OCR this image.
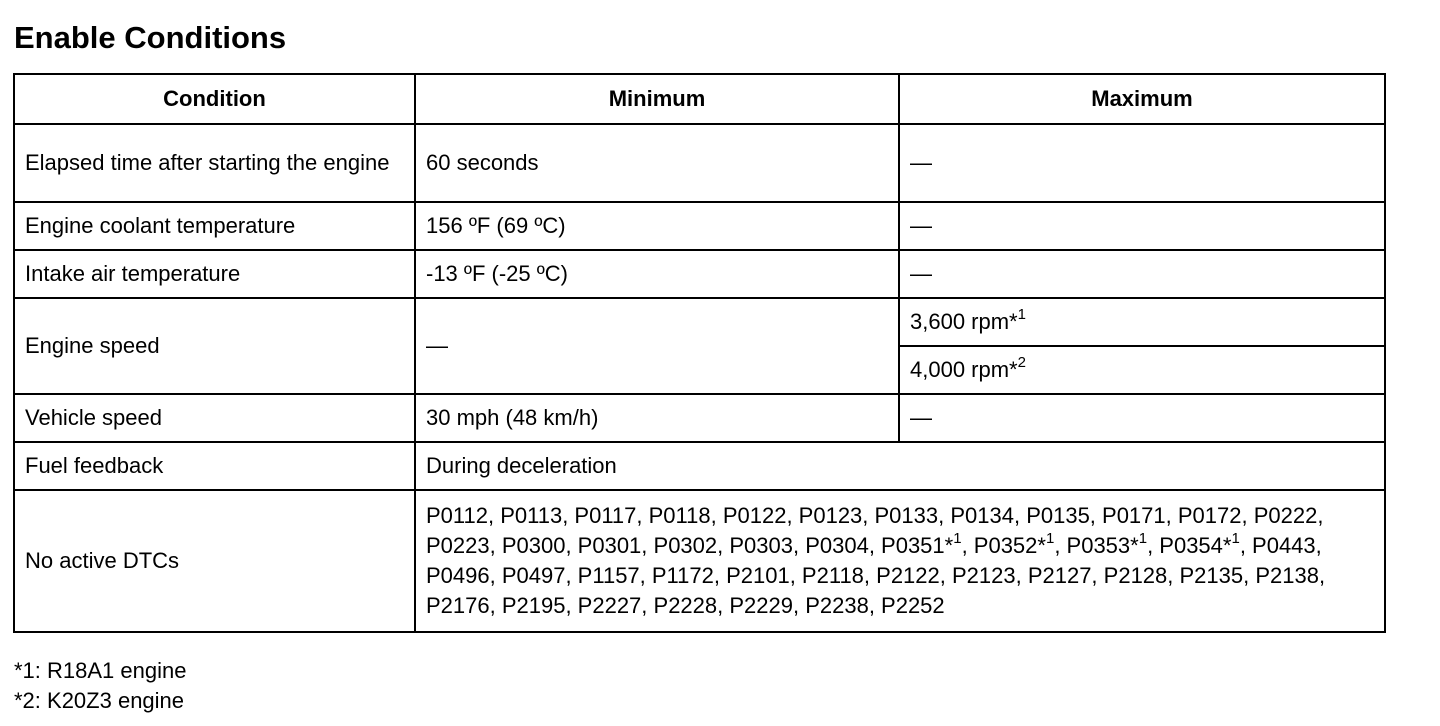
Enable Conditions
Condition	Minimum	Maximum
Elapsed time after starting the engine	60 seconds	—
Engine coolant temperature	156 ºF (69 ºC)	—
Intake air temperature	-13 ºF (-25 ºC)	—
Engine speed	—	3,600 rpm*$^1$
		4,000 rpm*$^2$
Vehicle speed	30 mph (48 km/h)	—
Fuel feedback	During deceleration	
No active DTCs	P0112, P0113, P0117, P0118, P0122, P0123, P0133, P0134, P0135, P0171, P0172, P0222, P0223, P0300, P0301, P0302, P0303, P0304, P0351*$^1$, P0352*$^1$, P0353*$^1$, P0354*$^1$, P0443, P0496, P0497, P1157, P1172, P2101, P2118, P2122, P2123, P2127, P2128, P2135, P2138, P2176, P2195, P2227, P2228, P2229, P2238, P2252	
*1: R18A1 engine
*2: K20Z3 engine
